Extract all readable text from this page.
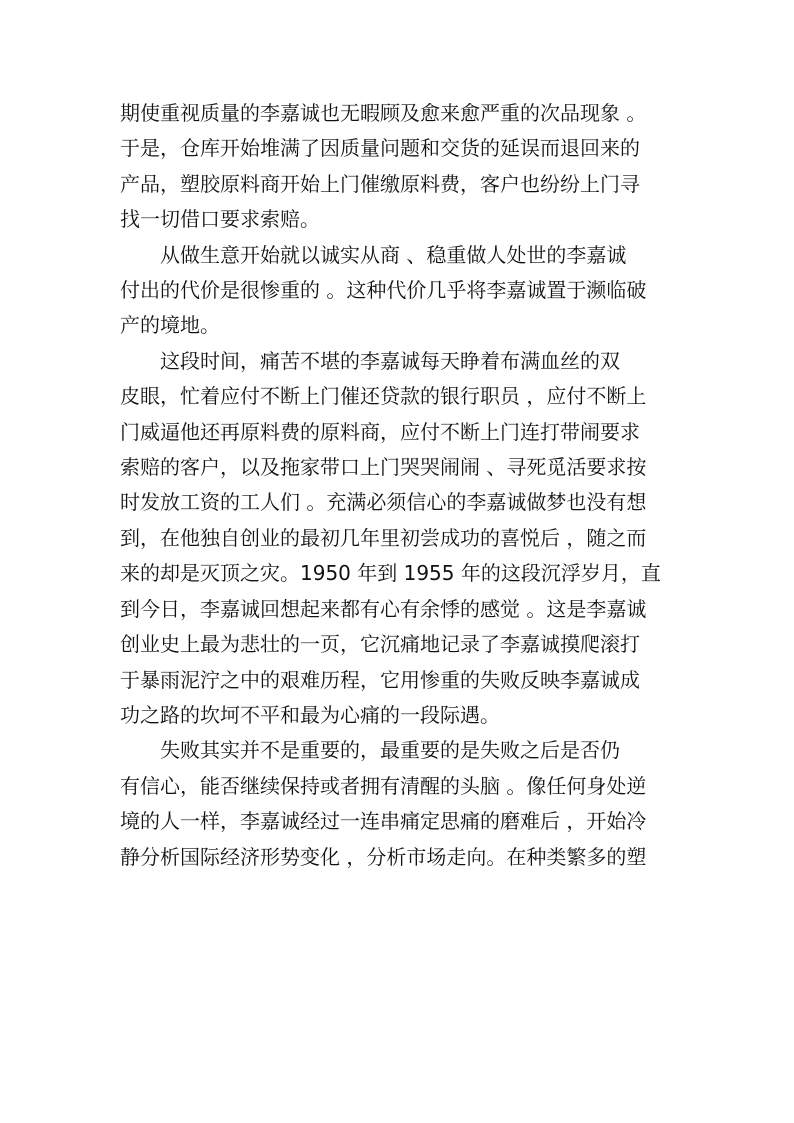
期使重视质量的李嘉诚也无暇顾及愈来愈严重的次品现象 。
于是，仓库开始堆满了因质量问题和交货的延误而退回来的
产品，塑胶原料商开始上门催缴原料费，客户也纷纷上门寻
找一切借口要求索赔。

从做生意开始就以诚实从商 、稳重做人处世的李嘉诚
付出的代价是很惨重的 。这种代价几乎将李嘉诚置于濒临破
产的境地。

这段时间，痛苦不堪的李嘉诚每天睁着布满血丝的双
皮眼，忙着应付不断上门催还贷款的银行职员 ，应付不断上
门威逼他还再原料费的原料商，应付不断上门连打带闹要求
索赔的客户，以及拖家带口上门哭哭闹闹 、寻死觅活要求按
时发放工资的工人们 。充满必须信心的李嘉诚做梦也没有想
到，在他独自创业的最初几年里初尝成功的喜悦后 ，随之而
来的却是灭顶之灾。1950 年到 1955 年的这段沉浮岁月，直
到今日，李嘉诚回想起来都有心有余悸的感觉 。这是李嘉诚
创业史上最为悲壮的一页，它沉痛地记录了李嘉诚摸爬滚打
于暴雨泥泞之中的艰难历程，它用惨重的失败反映李嘉诚成
功之路的坎坷不平和最为心痛的一段际遇。

失败其实并不是重要的，最重要的是失败之后是否仍
有信心，能否继续保持或者拥有清醒的头脑 。像任何身处逆
境的人一样，李嘉诚经过一连串痛定思痛的磨难后 ，开始冷
静分析国际经济形势变化 ，分析市场走向。在种类繁多的塑
